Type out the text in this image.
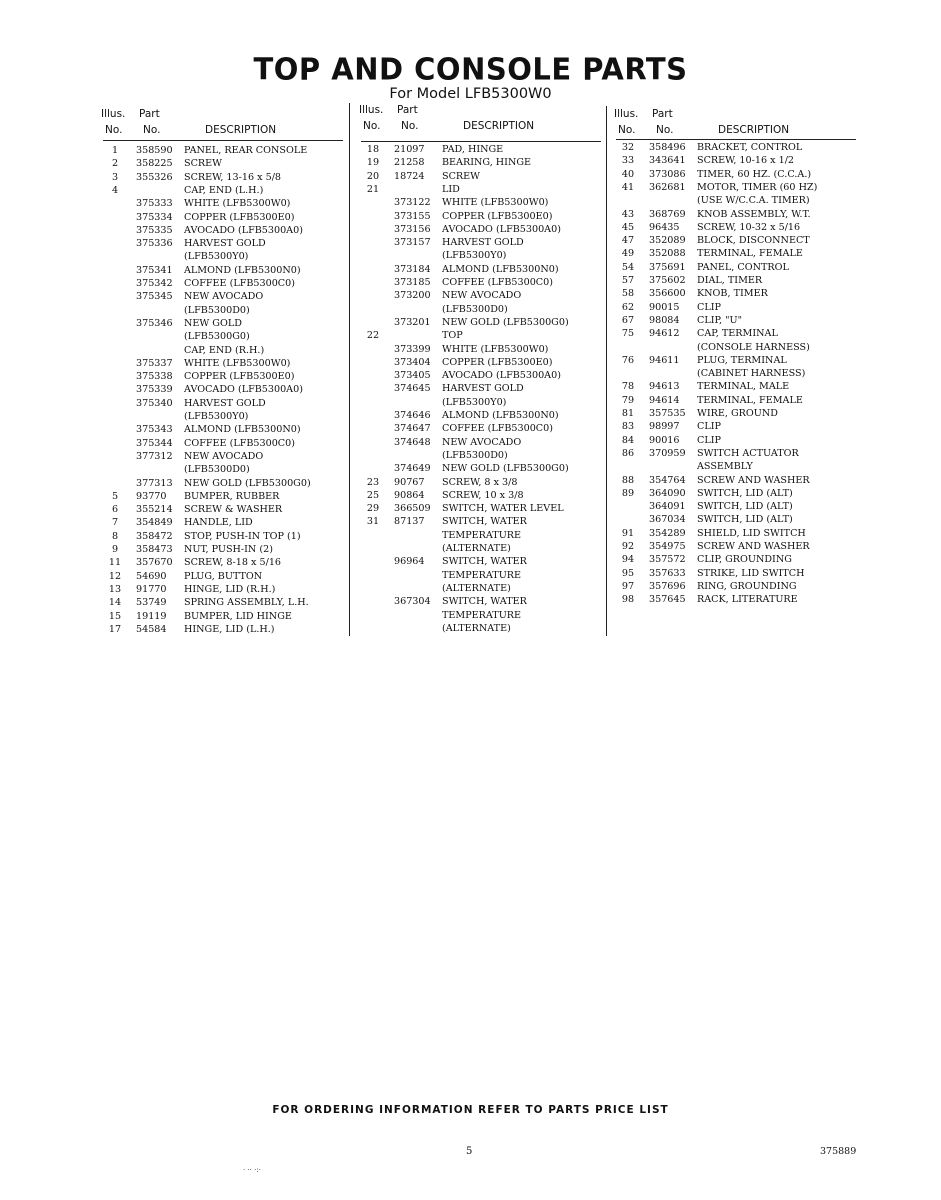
TOP AND CONSOLE PARTS
For Model LFB5300W0
Illus. Part
No. No.	DESCRIPTION
1	358590 PANEL, REAR CONSOLE
2	358225 SCREW
3	355326 SCREW, 13-16 x 5/8
4	CAP, END (L.H.)
375333 WHITE (LFB5300W0)
375334 COPPER (LFB5300E0)
375335 AVOCADO (LFB5300A0)
375336 HARVEST GOLD
(LFB5300Y0)
375341 ALMOND (LFB5300N0)
375342 COFFEE (LFB5300C0)
375345 NEW AVOCADO
(LFB5300D0)
375346 NEW GOLD
(LFB5300G0)
CAP, END (R.H.)
375337 WHITE (LFB5300W0)
375338 COPPER (LFB5300E0)
375339 AVOCADO (LFB5300A0)
375340 HARVEST GOLD
(LFB5300Y0)
375343 ALMOND (LFB5300N0)
375344 COFFEE (LFB5300C0)
377312 NEW AVOCADO
(LFB5300D0)
377313 NEW GOLD (LFB5300G0)
5	93770 BUMPER, RUBBER
6	355214 SCREW & WASHER
7	354849 HANDLE, LID
8	358472 STOP, PUSH-IN TOP (1)
9	358473 NUT, PUSH-IN (2)
11	357670 SCREW, 8-18 x 5/16
12	54690 PLUG, BUTTON
13	91770 HINGE, LID (R.H.)
14	53749 SPRING ASSEMBLY, L.H.
15	19119 BUMPER, LID HINGE
17	54584 HINGE, LID (L.H.)
Illus. Part
No. No.	DESCRIPTION
18	21097 PAD, HINGE
19	21258 BEARING, HINGE
20	18724 SCREW
21	LID
373122 WHITE (LFB5300W0)
373155 COPPER (LFB5300E0)
373156 AVOCADO (LFB5300A0)
373157 HARVEST GOLD
(LFB5300Y0)
373184 ALMOND (LFB5300N0)
373185 COFFEE (LFB5300C0)
373200 NEW AVOCADO
(LFB5300D0)
373201 NEW GOLD (LFB5300G0)
22	TOP
373399 WHITE (LFB5300W0)
373404 COPPER (LFB5300E0)
373405 AVOCADO (LFB5300A0)
374645 HARVEST GOLD
(LFB5300Y0)
374646 ALMOND (LFB5300N0)
374647 COFFEE (LFB5300C0)
374648 NEW AVOCADO
(LFB5300D0)
374649 NEW GOLD (LFB5300G0)
23	90767 SCREW, 8 x 3/8
25	90864 SCREW, 10 x 3/8
29	366509 SWITCH, WATER LEVEL
31	87137 SWITCH, WATER
TEMPERATURE
(ALTERNATE)
96964 SWITCH, WATER
TEMPERATURE
(ALTERNATE)
367304 SWITCH, WATER
TEMPERATURE
(ALTERNATE)
Illus. Part
No. No.	DESCRIPTION
32	358496 BRACKET, CONTROL
33	343641 SCREW, 10-16 x 1/2
40	373086 TIMER, 60 HZ. (C.C.A.)
41	362681 MOTOR, TIMER (60 HZ)
(USE W/C.C.A. TIMER)
43	368769 KNOB ASSEMBLY, W.T.
45	96435 SCREW, 10-32 x 5/16
47	352089 BLOCK, DISCONNECT
49	352088 TERMINAL, FEMALE
54	375691 PANEL, CONTROL
57	375602 DIAL, TIMER
58	356600 KNOB, TIMER
62	90015 CLIP
67	98084 CLIP, "U"
75	94612 CAP, TERMINAL
(CONSOLE HARNESS)
76	94611 PLUG, TERMINAL
(CABINET HARNESS)
78	94613 TERMINAL, MALE
79	94614 TERMINAL, FEMALE
81	357535 WIRE, GROUND
83	98997 CLIP
84	90016 CLIP
86	370959 SWITCH ACTUATOR
ASSEMBLY
88	354764 SCREW AND WASHER
89	364090 SWITCH, LID (ALT)
364091 SWITCH, LID (ALT)
367034 SWITCH, LID (ALT)
91	354289 SHIELD, LID SWITCH
92	354975 SCREW AND WASHER
94	357572 CLIP, GROUNDING
95	357633 STRIKE, LID SWITCH
97	357696 RING, GROUNDING
98	357645 RACK, LITERATURE
FOR ORDERING INFORMATION REFER TO PARTS PRICE LIST
5	375889
· ·· ·:·
